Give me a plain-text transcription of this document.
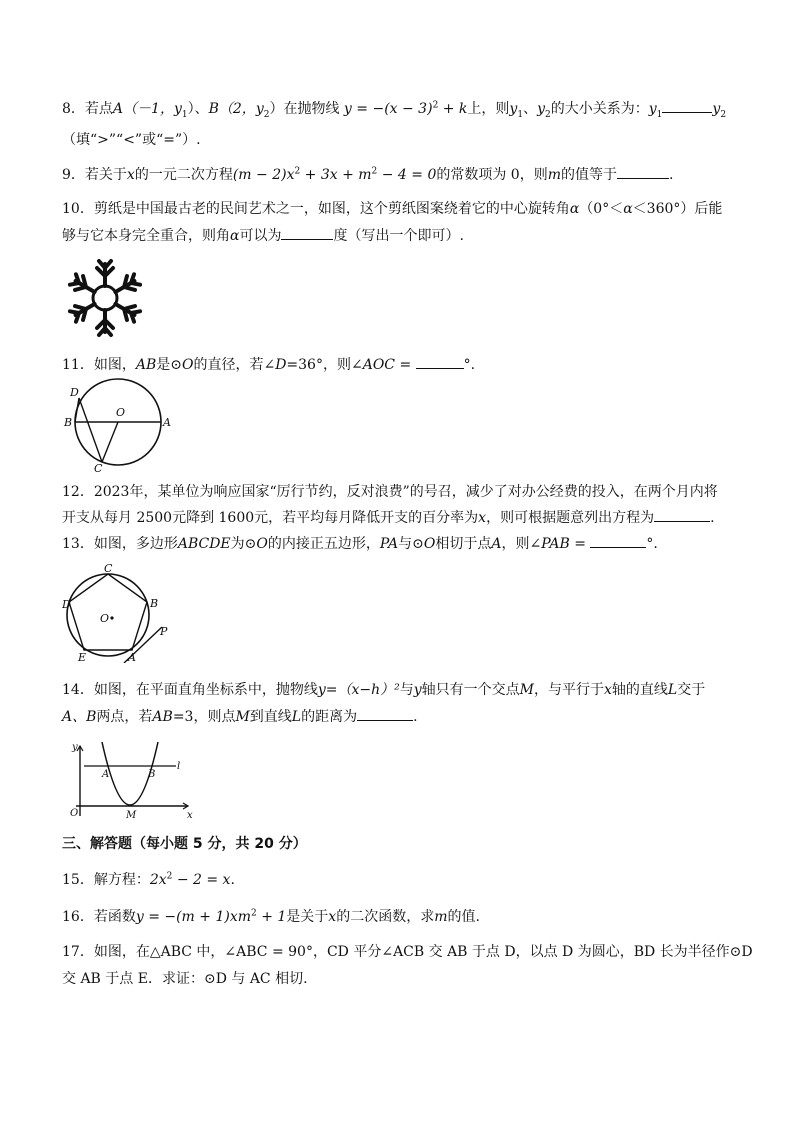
8．若点A（－1，$y_1$）、B（2，$y_2$）在抛物线 $y = -(x - 3)^2 + k$上，则$y_1$、$y_2$的大小关系为：$y_1$	$y_2$
（填“>”“<”或“=”）.
9．若关于x的一元二次方程$(m - 2)x^2 + 3x + m^2 - 4 = 0$的常数项为 0，则m的值等于	.
10．剪纸是中国最古老的民间艺术之一，如图，这个剪纸图案绕着它的中心旋转角α（0°＜α＜360°）后能
够与它本身完全重合，则角α可以为	度（写出一个即可）.
11．如图，AB是⊙O的直径，若∠D=36°，则∠AOC =	°.
D
B
O
A
C
12．2023年，某单位为响应国家“厉行节约，反对浪费”的号召，减少了对办公经费的投入，在两个月内将
开支从每月 2500元降到 1600元，若平均每月降低开支的百分率为x，则可根据题意列出方程为	.
13．如图，多边形ABCDE为⊙O的内接正五边形，PA与⊙O相切于点A，则∠PAB =	°.
C
D	B
O
P
E	A
14．如图，在平面直角坐标系中，抛物线y=（x−h）²与y轴只有一个交点M，与平行于x轴的直线L交于
A、B两点，若AB=3，则点M到直线L的距离为	.
y
A	B
l
O	M	x
三、解答题（每小题 5 分，共 20 分）
15．解方程：$2x^2 - 2 = x$.
16．若函数$y = -(m + 1)xm^2 + 1$是关于x的二次函数，求m的值.
17．如图，在△ABC 中，∠ABC = 90°，CD 平分∠ACB 交 AB 于点 D，以点 D 为圆心，BD 长为半径作⊙D
交 AB 于点 E．求证：⊙D 与 AC 相切.
